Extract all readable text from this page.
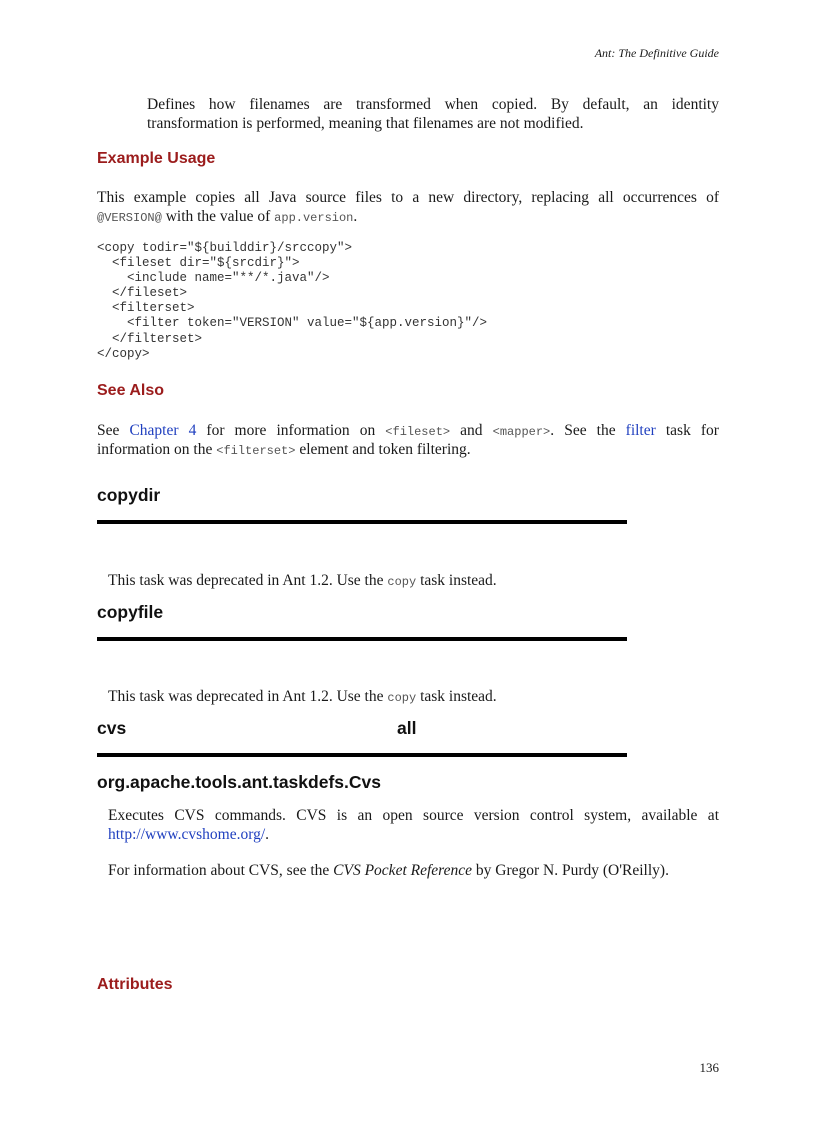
Ant: The Definitive Guide
Defines how filenames are transformed when copied. By default, an identity
transformation is performed, meaning that filenames are not modified.
Example Usage
This example copies all Java source files to a new directory, replacing all occurrences of
@VERSION@ with the value of app.version.
<copy todir="${builddir}/srccopy">
<fileset dir="${srcdir}">
<include name="**/*.java"/>
</fileset>
<filterset>
<filter token="VERSION" value="${app.version}"/>
</filterset>
</copy>
See Also
See Chapter 4 for more information on <fileset> and <mapper>. See the filter task for
information on the <filterset> element and token filtering.
copydir
This task was deprecated in Ant 1.2. Use the copy task instead.
copyfile
This task was deprecated in Ant 1.2. Use the copy task instead.
cvs	all
org.apache.tools.ant.taskdefs.Cvs
Executes CVS commands. CVS is an open source version control system, available at
http://www.cvshome.org/.
For information about CVS, see the CVS Pocket Reference by Gregor N. Purdy (O'Reilly).
Attributes
136
